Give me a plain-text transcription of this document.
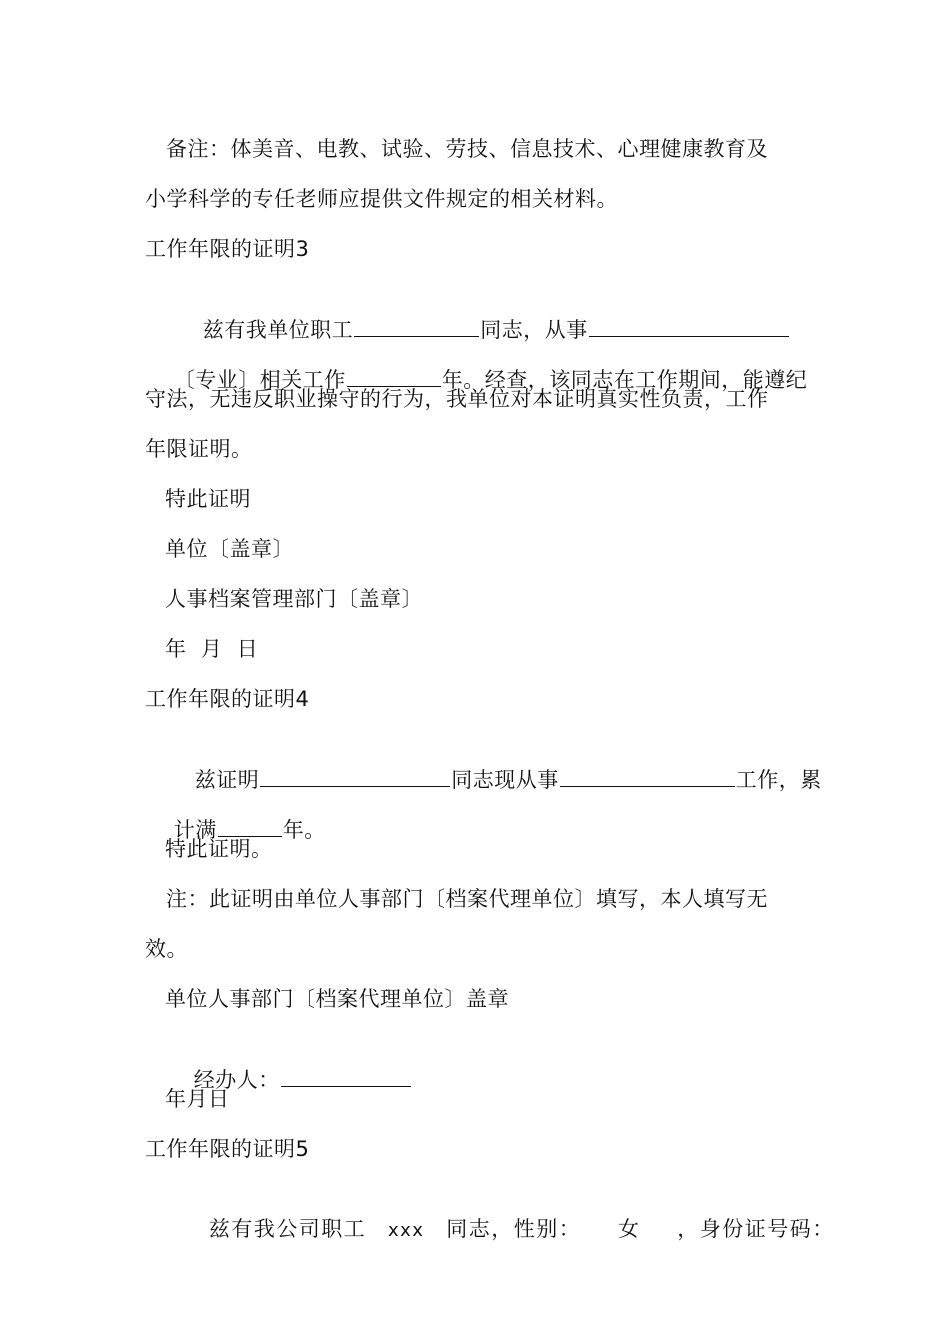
备注：体美音、电教、试验、劳技、信息技术、心理健康教育及
小学科学的专任老师应提供文件规定的相关材料。
工作年限的证明3

兹有我单位职工	同志，从事

〔专业〕相关工作	年。经查，该同志在工作期间，能遵纪

守法，无违反职业操守的行为，我单位对本证明真实性负责，工作
年限证明。
特此证明
单位〔盖章〕
人事档案管理部门〔盖章〕
年  月  日
工作年限的证明4

兹证明	同志现从事	工作，累

计满	年。

特此证明。
注：此证明由单位人事部门〔档案代理单位〕填写，本人填写无
效。
单位人事部门〔档案代理单位〕盖章

经办人：

年月日
工作年限的证明5

兹有我公司职工 xxx 同志，性别： 女 ，身份证号码：
